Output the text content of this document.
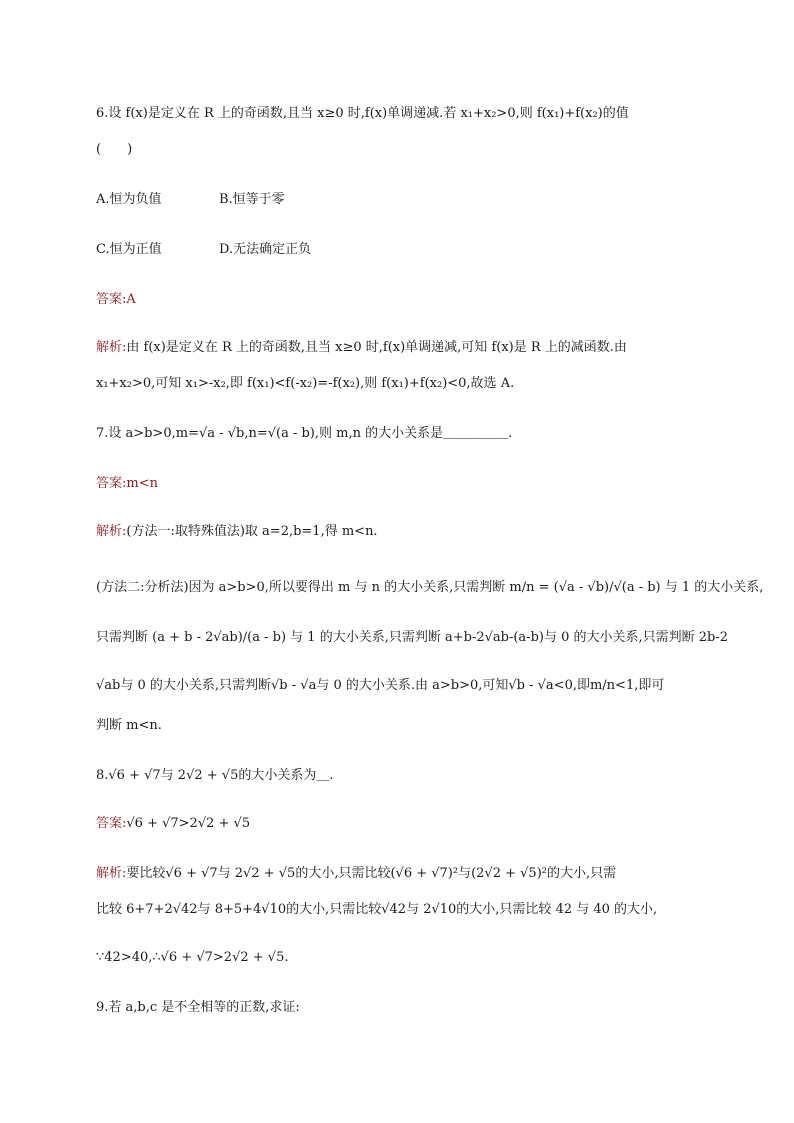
6.设 f(x)是定义在 R 上的奇函数,且当 x≥0 时,f(x)单调递减.若 x₁+x₂>0,则 f(x₁)+f(x₂)的值
(　　)
A.恒为负值	B.恒等于零
C.恒为正值	D.无法确定正负
答案:A
解析:由 f(x)是定义在 R 上的奇函数,且当 x≥0 时,f(x)单调递减,可知 f(x)是 R 上的减函数.由
x₁+x₂>0,可知 x₁>-x₂,即 f(x₁)<f(-x₂)=-f(x₂),则 f(x₁)+f(x₂)<0,故选 A.
7.设 a>b>0,m=√a - √b,n=√(a - b),则 m,n 的大小关系是＿＿＿＿＿.
答案:m<n
解析:(方法一:取特殊值法)取 a=2,b=1,得 m<n.
(方法二:分析法)因为 a>b>0,所以要得出 m 与 n 的大小关系,只需判断 m/n = (√a - √b)/√(a - b) 与 1 的大小关系,
只需判断 (a + b - 2√ab)/(a - b) 与 1 的大小关系,只需判断 a+b-2√ab-(a-b)与 0 的大小关系,只需判断 2b-2
√ab与 0 的大小关系,只需判断√b - √a与 0 的大小关系.由 a>b>0,可知√b - √a<0,即m/n<1,即可
判断 m<n.
8.√6 + √7与 2√2 + √5的大小关系为＿.
答案:√6 + √7>2√2 + √5
解析:要比较√6 + √7与 2√2 + √5的大小,只需比较(√6 + √7)²与(2√2 + √5)²的大小,只需
比较 6+7+2√42与 8+5+4√10的大小,只需比较√42与 2√10的大小,只需比较 42 与 40 的大小,
∵42>40,∴√6 + √7>2√2 + √5.
9.若 a,b,c 是不全相等的正数,求证:
